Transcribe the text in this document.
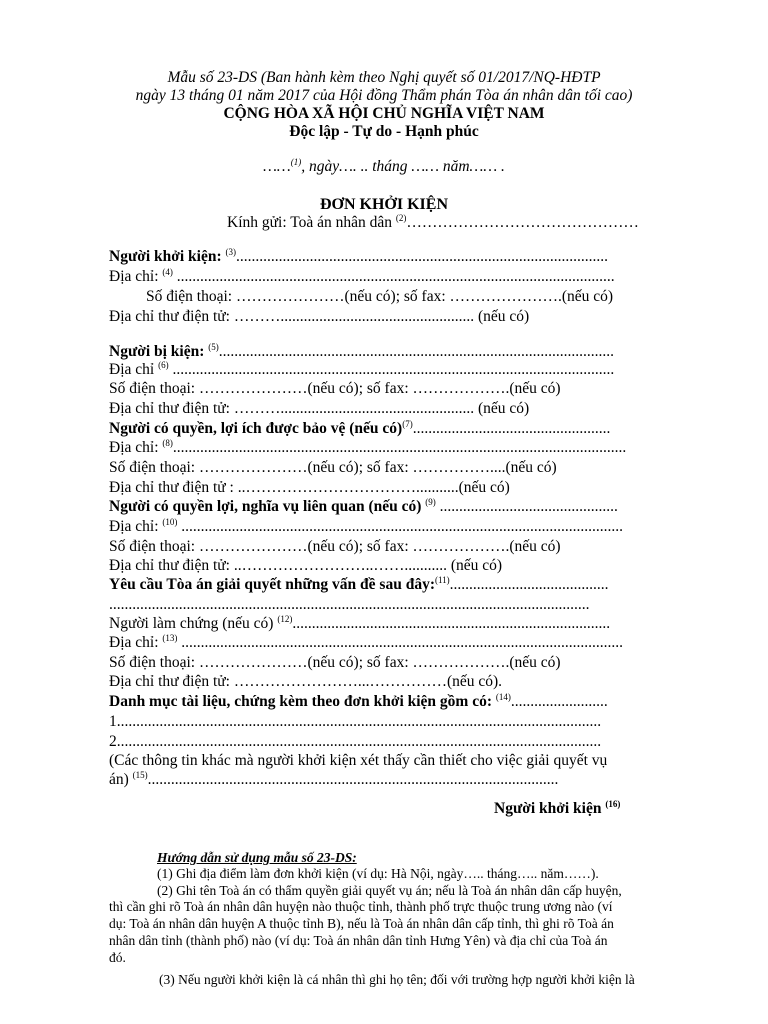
Mẫu số 23-DS (Ban hành kèm theo Nghị quyết số 01/2017/NQ-HĐTP
ngày 13 tháng 01 năm 2017 của Hội đồng Thẩm phán Tòa án nhân dân tối cao)
CỘNG HÒA XÃ HỘI CHỦ NGHĨA VIỆT NAM
Độc lập - Tự do - Hạnh phúc
……$^{(1)}$, ngày…. .. tháng …… năm…… .
ĐƠN KHỞI KIỆN
Kính gửi: Toà án nhân dân $^{(2)}$………………………………………
Người khởi kiện: $^{(3)}$................................................................................................
Địa chỉ: $^{(4)}$ .................................................................................................................
Số điện thoại: …………………(nếu có); số fax: ………………….(nếu có)
Địa chỉ thư điện tử: ……….................................................. (nếu có)
Người bị kiện: $^{(5)}$......................................................................................................
Địa chỉ $^{(6)}$ ..................................................................................................................
Số điện thoại: …………………(nếu có); số fax: ……………….(nếu có)
Địa chỉ thư điện tử: ……….................................................. (nếu có)
Người có quyền, lợi ích được bảo vệ (nếu có)$^{(7)}$...................................................
Địa chỉ: $^{(8)}$.....................................................................................................................
Số điện thoại: …………………(nếu có); số fax: ……………....(nếu có)
Địa chỉ thư điện tử : ..……………………………...........(nếu có)
Người có quyền lợi, nghĩa vụ liên quan (nếu có) $^{(9)}$ ..............................................
Địa chỉ: $^{(10)}$ ..................................................................................................................
Số điện thoại: …………………(nếu có); số fax: ……………….(nếu có)
Địa chỉ thư điện tử: ..……………………..……........... (nếu có)
Yêu cầu Tòa án giải quyết những vấn đề sau đây:$^{(11)}$.........................................
............................................................................................................................
Người làm chứng (nếu có) $^{(12)}$..................................................................................
Địa chỉ: $^{(13)}$ ..................................................................................................................
Số điện thoại: …………………(nếu có); số fax: ……………….(nếu có)
Địa chỉ thư điện tử: ……………………...……………(nếu có).
Danh mục tài liệu, chứng kèm theo đơn khởi kiện gồm có: $^{(14)}$.........................
1.............................................................................................................................
2.............................................................................................................................
(Các thông tin khác mà người khởi kiện xét thấy cần thiết cho việc giải quyết vụ
án) $^{(15)}$..........................................................................................................
Người khởi kiện $^{(16)}$
Hướng dẫn sử dụng mẫu số 23-DS:
(1) Ghi địa điểm làm đơn khởi kiện (ví dụ: Hà Nội, ngày….. tháng….. năm……).
(2) Ghi tên Toà án có thẩm quyền giải quyết vụ án; nếu là Toà án nhân dân cấp huyện,
thì cần ghi rõ Toà án nhân dân huyện nào thuộc tỉnh, thành phố trực thuộc trung ương nào (ví
dụ: Toà án nhân dân huyện A thuộc tỉnh B), nếu là Toà án nhân dân cấp tỉnh, thì ghi rõ Toà án
nhân dân tỉnh (thành phố) nào (ví dụ: Toà án nhân dân tỉnh Hưng Yên) và địa chỉ của Toà án
đó.
(3) Nếu người khởi kiện là cá nhân thì ghi họ tên; đối với trường hợp người khởi kiện là
